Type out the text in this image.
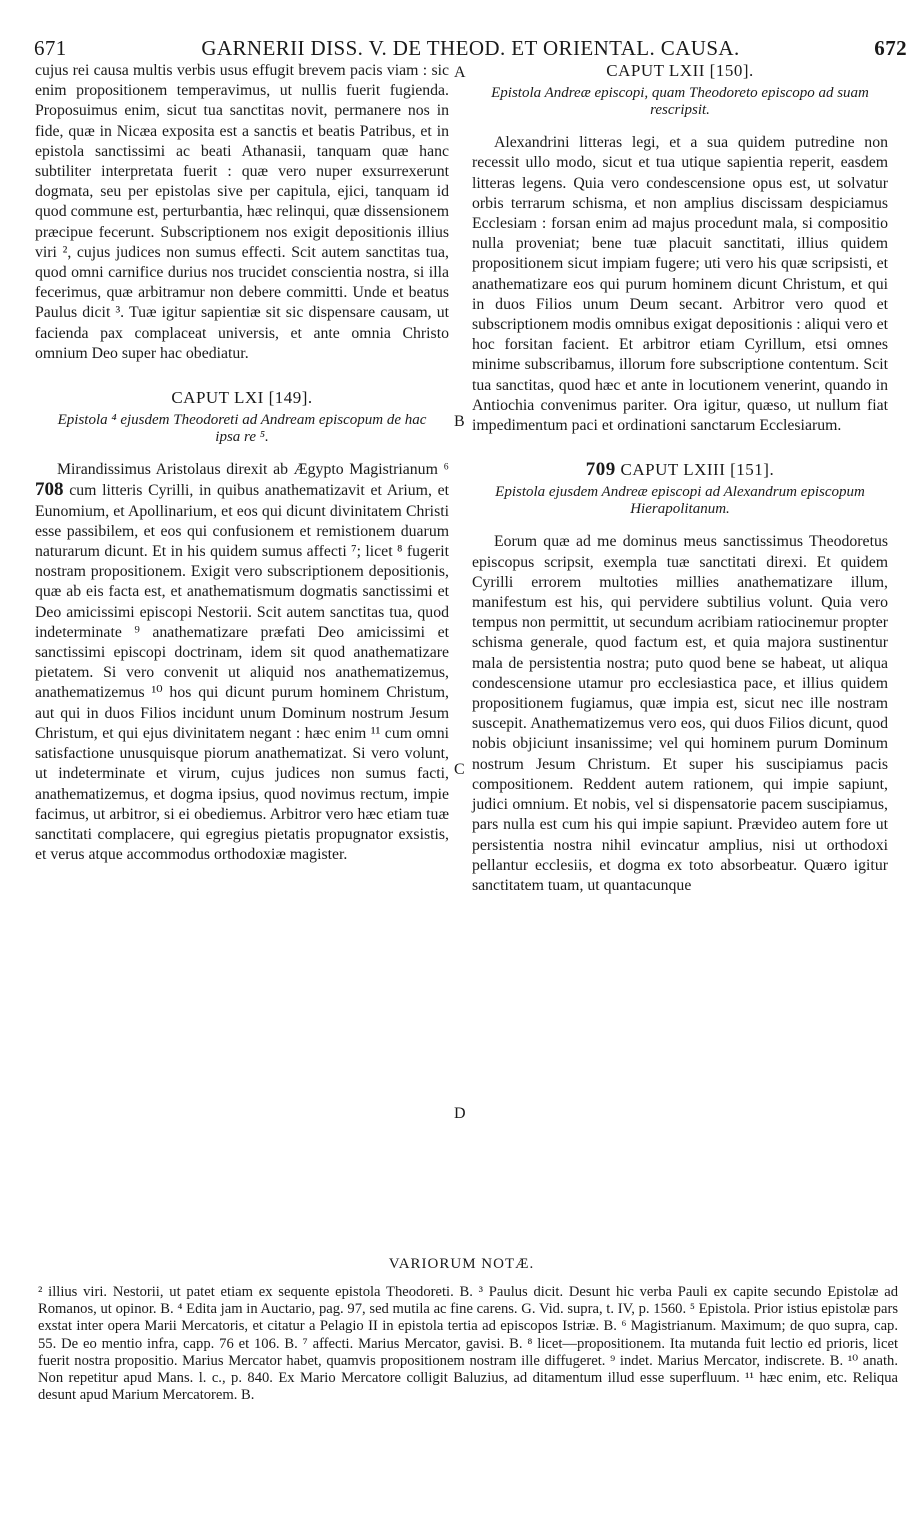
671	GARNERII DISS. V. DE THEOD. ET ORIENTAL. CAUSA.	672

cujus rei causa multis verbis usus effugit brevem pacis viam : sic enim propositionem temperavimus, ut nullis fuerit fugienda. Proposuimus enim, sicut tua sanctitas novit, permanere nos in fide, quæ in Nicæa exposita est a sanctis et beatis Patribus, et in epistola sanctissimi ac beati Athanasii, tanquam quæ hanc subtiliter interpretata fuerit : quæ vero nuper exsurrexerunt dogmata, seu per epistolas sive per capitula, ejici, tanquam id quod commune est, perturbantia, hæc relinqui, quæ dissensionem præcipue fecerunt. Subscriptionem nos exigit depositionis illius viri ², cujus judices non sumus effecti. Scit autem sanctitas tua, quod omni carnifice durius nos trucidet conscientia nostra, si illa fecerimus, quæ arbitramur non debere committi. Unde et beatus Paulus dicit ³. Tuæ igitur sapientiæ sit sic dispensare causam, ut facienda pax complaceat universis, et ante omnia Christo omnium Deo super hac obediatur.

CAPUT LXI [149].
Epistola ⁴ ejusdem Theodoreti ad Andream episcopum de hac ipsa re ⁵.

Mirandissimus Aristolaus direxit ab Ægypto Magistrianum ⁶ 708 cum litteris Cyrilli, in quibus anathematizavit et Arium, et Eunomium, et Apollinarium, et eos qui dicunt divinitatem Christi esse passibilem, et eos qui confusionem et remistionem duarum naturarum dicunt. Et in his quidem sumus affecti ⁷; licet ⁸ fugerit nostram propositionem. Exigit vero subscriptionem depositionis, quæ ab eis facta est, et anathematismum dogmatis sanctissimi et Deo amicissimi episcopi Nestorii. Scit autem sanctitas tua, quod indeterminate ⁹ anathematizare præfati Deo amicissimi et sanctissimi episcopi doctrinam, idem sit quod anathematizare pietatem. Si vero convenit ut aliquid nos anathematizemus, anathematizemus ¹⁰ hos qui dicunt purum hominem Christum, aut qui in duos Filios incidunt unum Dominum nostrum Jesum Christum, et qui ejus divinitatem negant : hæc enim ¹¹ cum omni satisfactione unusquisque piorum anathematizat. Si vero volunt, ut indeterminate et virum, cujus judices non sumus facti, anathematizemus, et dogma ipsius, quod novimus rectum, impie facimus, ut arbitror, si ei obediemus. Arbitror vero hæc etiam tuæ sanctitati complacere, qui egregius pietatis propugnator exsistis, et verus atque accommodus orthodoxiæ magister.

A
B
C
D
CAPUT LXII [150].
Epistola Andreæ episcopi, quam Theodoreto episcopo ad suam rescripsit.

Alexandrini litteras legi, et a sua quidem putredine non recessit ullo modo, sicut et tua utique sapientia reperit, easdem litteras legens. Quia vero condescensione opus est, ut solvatur orbis terrarum schisma, et non amplius discissam despiciamus Ecclesiam : forsan enim ad majus procedunt mala, si compositio nulla proveniat; bene tuæ placuit sanctitati, illius quidem propositionem sicut impiam fugere; uti vero his quæ scripsisti, et anathematizare eos qui purum hominem dicunt Christum, et qui in duos Filios unum Deum secant. Arbitror vero quod et subscriptionem modis omnibus exigat depositionis : aliqui vero et hoc forsitan facient. Et arbitror etiam Cyrillum, etsi omnes minime subscribamus, illorum fore subscriptione contentum. Scit tua sanctitas, quod hæc et ante in locutionem venerint, quando in Antiochia convenimus pariter. Ora igitur, quæso, ut nullum fiat impedimentum paci et ordinationi sanctarum Ecclesiarum.

709 CAPUT LXIII [151].
Epistola ejusdem Andreæ episcopi ad Alexandrum episcopum Hierapolitanum.

Eorum quæ ad me dominus meus sanctissimus Theodoretus episcopus scripsit, exempla tuæ sanctitati direxi. Et quidem Cyrilli errorem multoties millies anathematizare illum, manifestum est his, qui pervidere subtilius volunt. Quia vero tempus non permittit, ut secundum acribiam ratiocinemur propter schisma generale, quod factum est, et quia majora sustinentur mala de persistentia nostra; puto quod bene se habeat, ut aliqua condescensione utamur pro ecclesiastica pace, et illius quidem propositionem fugiamus, quæ impia est, sicut nec ille nostram suscepit. Anathematizemus vero eos, qui duos Filios dicunt, quod nobis objiciunt insanissime; vel qui hominem purum Dominum nostrum Jesum Christum. Et super his suscipiamus pacis compositionem. Reddent autem rationem, qui impie sapiunt, judici omnium. Et nobis, vel si dispensatorie pacem suscipiamus, pars nulla est cum his qui impie sapiunt. Prævideo autem fore ut persistentia nostra nihil evincatur amplius, nisi ut orthodoxi pellantur ecclesiis, et dogma ex toto absorbeatur. Quæro igitur sanctitatem tuam, ut quantacunque

VARIORUM NOTÆ.
² illius viri. Nestorii, ut patet etiam ex sequente epistola Theodoreti. B. ³ Paulus dicit. Desunt hic verba Pauli ex capite secundo Epistolæ ad Romanos, ut opinor. B. ⁴ Edita jam in Auctario, pag. 97, sed mutila ac fine carens. G. Vid. supra, t. IV, p. 1560. ⁵ Epistola. Prior istius epistolæ pars exstat inter opera Marii Mercatoris, et citatur a Pelagio II in epistola tertia ad episcopos Istriæ. B. ⁶ Magistrianum. Maximum; de quo supra, cap. 55. De eo mentio infra, capp. 76 et 106. B. ⁷ affecti. Marius Mercator, gavisi. B. ⁸ licet—propositionem. Ita mutanda fuit lectio ed prioris, licet fuerit nostra propositio. Marius Mercator habet, quamvis propositionem nostram ille diffugeret. ⁹ indet. Marius Mercator, indiscrete. B. ¹⁰ anath. Non repetitur apud Mans. l. c., p. 840. Ex Mario Mercatore colligit Baluzius, ad ditamentum illud esse superfluum. ¹¹ hæc enim, etc. Reliqua desunt apud Marium Mercatorem. B.
